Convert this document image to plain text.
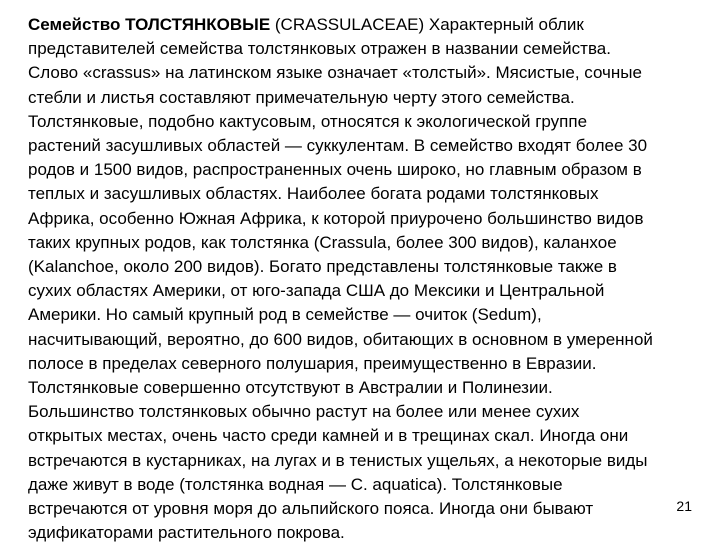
Семейство ТОЛСТЯНКОВЫЕ (CRASSULACEAE) Характерный облик
представителей семейства толстянковых отражен в названии семейства.
Слово «crassus» на латинском языке означает «толстый». Мясистые, сочные
стебли и листья составляют примечательную черту этого семейства.
Толстянковые, подобно кактусовым, относятся к экологической группе
растений засушливых областей — суккулентам. В семейство входят более 30
родов и 1500 видов, распространенных очень широко, но главным образом в
теплых и засушливых областях. Наиболее богата родами толстянковых
Африка, особенно Южная Африка, к которой приурочено большинство видов
таких крупных родов, как толстянка (Crassula, более 300 видов), каланхое
(Kalanchoe, около 200 видов). Богато представлены толстянковые также в
сухих областях Америки, от юго-запада США до Мексики и Центральной
Америки. Но самый крупный род в семействе — очиток (Sedum),
насчитывающий, вероятно, до 600 видов, обитающих в основном в умеренной
полосе в пределах северного полушария, преимущественно в Евразии.
Толстянковые совершенно отсутствуют в Австралии и Полинезии.
Большинство толстянковых обычно растут на более или менее сухих
открытых местах, очень часто среди камней и в трещинах скал. Иногда они
встречаются в кустарниках, на лугах и в тенистых ущельях, а некоторые виды
даже живут в воде (толстянка водная — C. aquatica). Толстянковые
встречаются от уровня моря до альпийского пояса. Иногда они бывают
эдификаторами растительного покрова.
21
